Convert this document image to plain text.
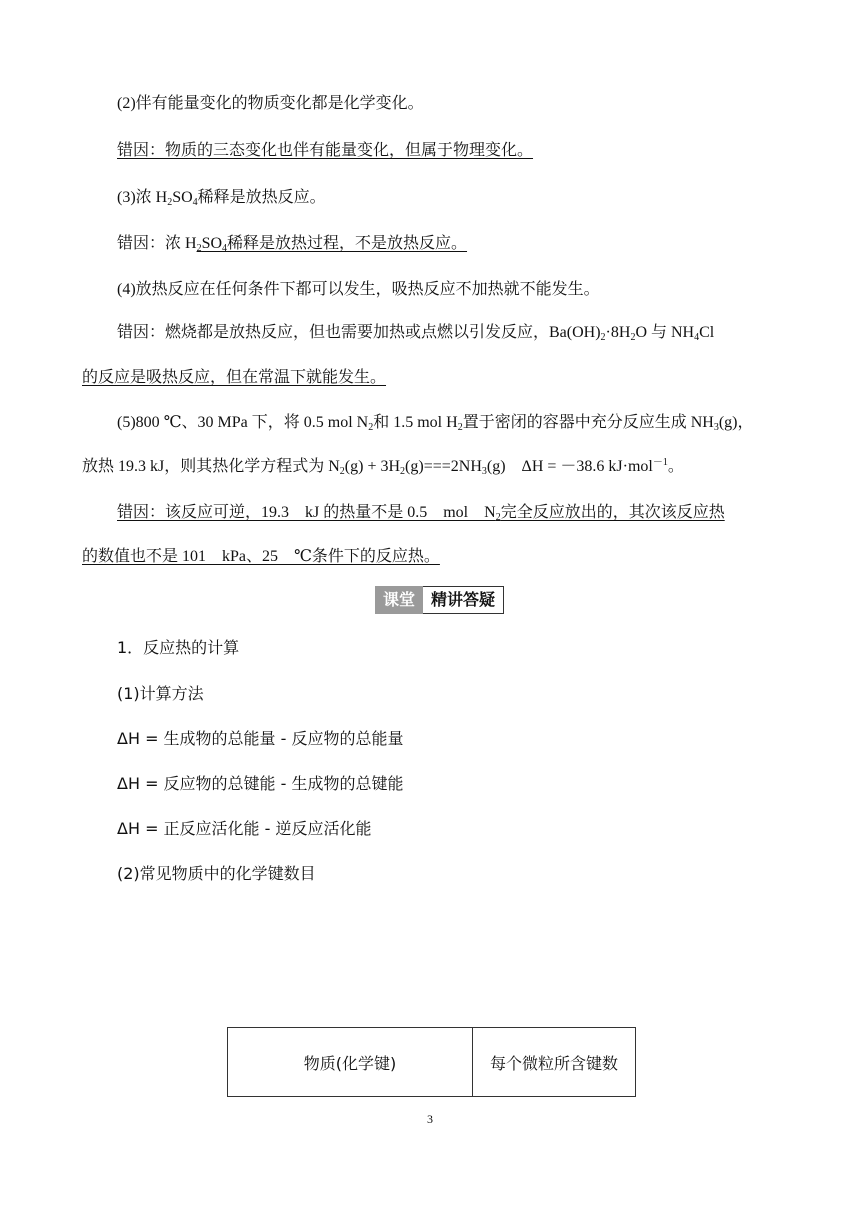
(2)伴有能量变化的物质变化都是化学变化。
错因：物质的三态变化也伴有能量变化，但属于物理变化。
(3)浓 $H_2SO_4$稀释是放热反应。
错因：浓 $H_2SO_4$稀释是放热过程，不是放热反应。
(4)放热反应在任何条件下都可以发生，吸热反应不加热就不能发生。
错因：燃烧都是放热反应，但也需要加热或点燃以引发反应，$Ba(OH)_2\cdot 8H_2O$ 与 $NH_4Cl$
的反应是吸热反应，但在常温下就能发生。
(5)800 ℃、30 MPa 下，将 0.5 mol $N_2$和 1.5 mol $H_2$置于密闭的容器中充分反应生成 $NH_3(g)$，
放热 19.3 kJ，则其热化学方程式为 $N_2(g) + 3H_2(g)===2NH_3(g)$　ΔH = －38.6 kJ·mol$^{-1}$。
错因：该反应可逆，19.3　kJ 的热量不是 0.5　mol　$N_2$完全反应放出的，其次该反应热
的数值也不是 101　kPa、25　℃条件下的反应热。
课堂	精讲答疑
1．反应热的计算
(1)计算方法
ΔH = 生成物的总能量 - 反应物的总能量
ΔH = 反应物的总键能 - 生成物的总键能
ΔH = 正反应活化能 - 逆反应活化能
(2)常见物质中的化学键数目
物质(化学键)	每个微粒所含键数
3
